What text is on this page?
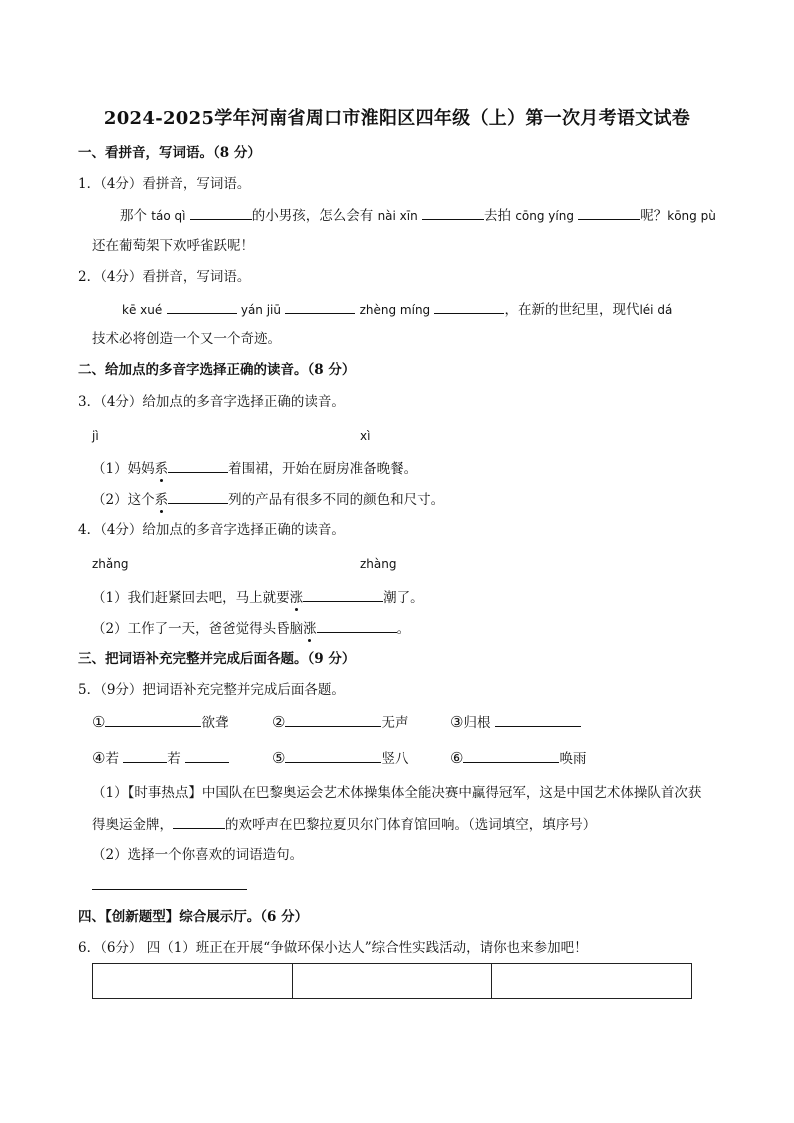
2024-2025学年河南省周口市淮阳区四年级（上）第一次月考语文试卷
一、看拼音，写词语。（8 分）
1．（4分）看拼音，写词语。
那个 táo qì	的小男孩，怎么会有 nài xīn	去拍 cōng yíng	呢？kōng pù
还在葡萄架下欢呼雀跃呢！
2．（4分）看拼音，写词语。
kē xué	yán jiū	zhèng míng	，在新的世纪里，现代léi dá
技术必将创造一个又一个奇迹。
二、给加点的多音字选择正确的读音。（8 分）
3．（4分）给加点的多音字选择正确的读音。
jì	xì
（1）妈妈系	着围裙，开始在厨房准备晚餐。
（2）这个系	列的产品有很多不同的颜色和尺寸。
4．（4分）给加点的多音字选择正确的读音。
zhǎng	zhàng
（1）我们赶紧回去吧，马上就要涨	潮了。
（2）工作了一天，爸爸觉得头昏脑涨	。
三、把词语补充完整并完成后面各题。（9 分）
5．（9分）把词语补充完整并完成后面各题。
①	欲聋	②	无声	③归根
④若	若	⑤	竖八	⑥	唤雨
（1）【时事热点】中国队在巴黎奥运会艺术体操集体全能决赛中赢得冠军，这是中国艺术体操队首次获
得奥运金牌，	的欢呼声在巴黎拉夏贝尔门体育馆回响。（选词填空，填序号）
（2）选择一个你喜欢的词语造句。
四、【创新题型】综合展示厅。（6 分）
6．（6分） 四（1）班正在开展“争做环保小达人”综合性实践活动，请你也来参加吧！
